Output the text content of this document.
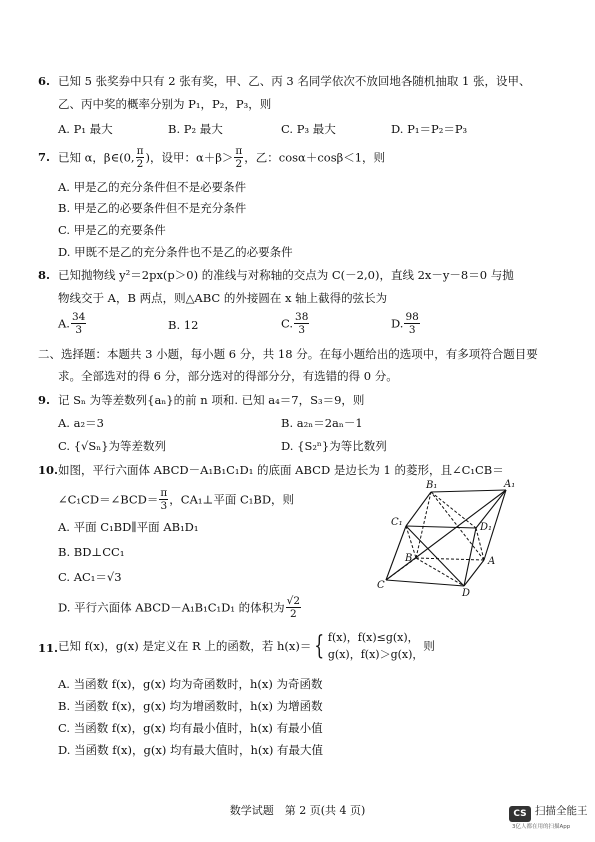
6. 已知 5 张奖券中只有 2 张有奖，甲、乙、丙 3 名同学依次不放回地各随机抽取 1 张，设甲、
乙、丙中奖的概率分别为 P₁，P₂，P₃，则
A. P₁ 最大	B. P₂ 最大	C. P₃ 最大	D. P₁＝P₂＝P₃
7. 已知 α，β∈(0, $\frac{\pi}{2}$ )，设甲：$\alpha+\beta> \frac{\pi}{2}$ ，乙：cosα＋cosβ＜1，则
A. 甲是乙的充分条件但不是必要条件
B. 甲是乙的必要条件但不是充分条件
C. 甲是乙的充要条件
D. 甲既不是乙的充分条件也不是乙的必要条件
8. 已知抛物线 y²＝2px(p＞0) 的准线与对称轴的交点为 C(－2,0)，直线 2x－y－8＝0 与抛
物线交于 A，B 两点，则△ABC 的外接圆在 x 轴上截得的弦长为
A. $\frac{34}{3}$	B. 12	C. $\frac{38}{3}$	D. $\frac{98}{3}$
二、选择题：本题共 3 小题，每小题 6 分，共 18 分。在每小题给出的选项中，有多项符合题目要
求。全部选对的得 6 分，部分选对的得部分分，有选错的得 0 分。
9. 记 Sₙ 为等差数列{aₙ}的前 n 项和. 已知 a₄＝7，S₃＝9，则
A. a₂＝3	B. a₂ₙ＝2aₙ－1
C. {√Sₙ}为等差数列	D. {S₂ⁿ}为等比数列
10. 如图，平行六面体 ABCD－A₁B₁C₁D₁ 的底面 ABCD 是边长为 1 的菱形，且∠C₁CB＝
∠C₁CD＝∠BCD＝ $\frac{\pi}{3}$ ，CA₁⊥平面 C₁BD，则
A. 平面 C₁BD∥平面 AB₁D₁
B. BD⊥CC₁
C. AC₁＝√3
D. 平行六面体 ABCD－A₁B₁C₁D₁ 的体积为 $\frac{√2}{2}$
B₁	A₁
C₁	D₁
B	A
C
D
11. 已知 f(x)，g(x) 是定义在 R 上的函数，若 h(x)＝ { f(x)，f(x)≤g(x)，
g(x)，f(x)＞g(x)，
则
A. 当函数 f(x)，g(x) 均为奇函数时，h(x) 为奇函数
B. 当函数 f(x)，g(x) 均为增函数时，h(x) 为增函数
C. 当函数 f(x)，g(x) 均有最小值时，h(x) 有最小值
D. 当函数 f(x)，g(x) 均有最大值时，h(x) 有最大值
数学试题　第 2 页(共 4 页)	CS 扫描全能王
3亿人都在用的扫描App
